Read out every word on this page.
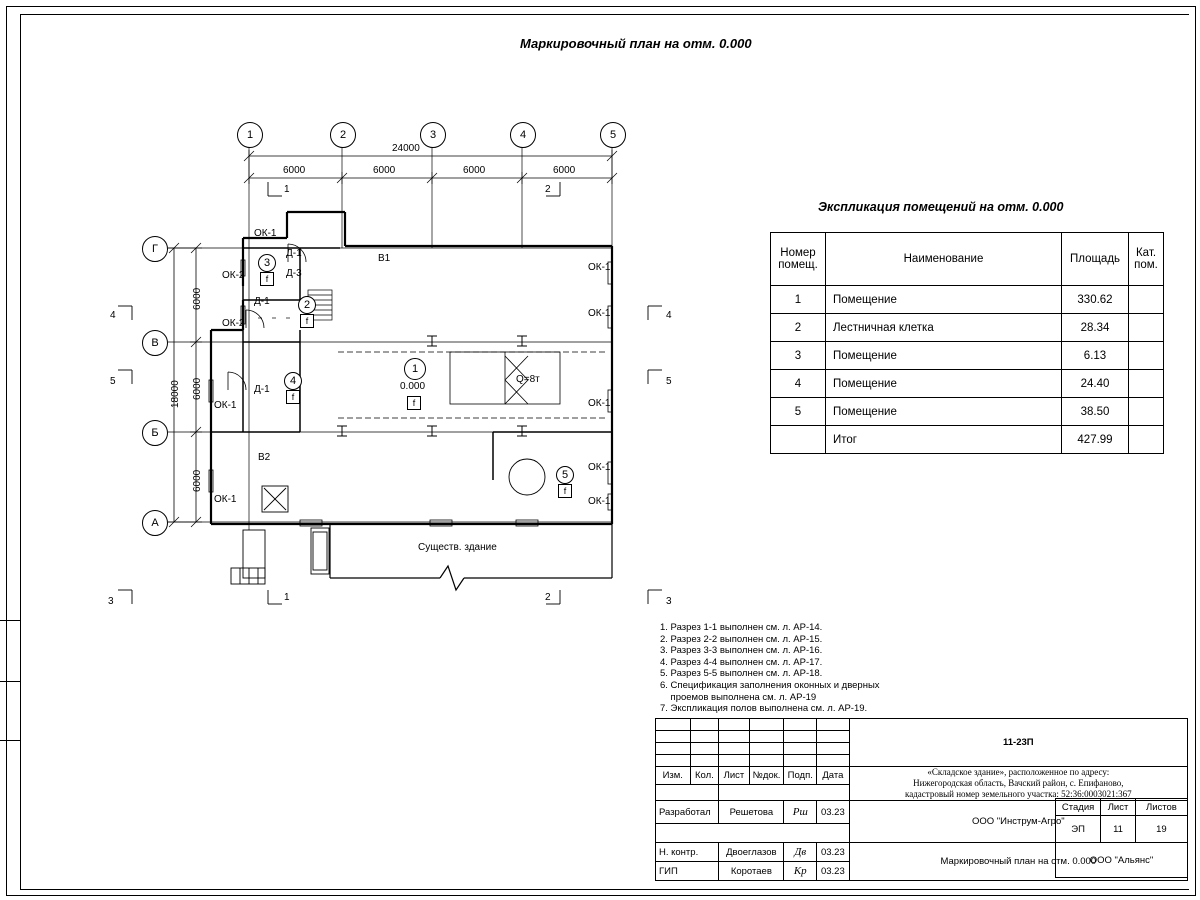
Маркировочный план на отм. 0.000
Экспликация помещений на отм. 0.000
Номер помещ.	Наименование	Площадь	Кат. пом.
1	Помещение	330.62	
2	Лестничная клетка	28.34	
3	Помещение	6.13	
4	Помещение	24.40	
5	Помещение	38.50	
	Итог	427.99	
1	2	3	4	5
Г
В
Б
А
24000
6000	6000	6000	6000
6000
6000
6000
18000
1	2
1	2
4
5
4
5
3	3
ОК-1
ОК-2
ОК-2
ОК-1
ОК-1
ОК-1
ОК-1
ОК-1
ОК-1
ОК-1
Д-1
Д-3
Д-1
Д-1
В1
В2
Q=8т
Существ. здание
1
0.000
f
2
f
3
f
4
f
5
f
1. Разрез 1-1 выполнен см. л. АР-14.
2. Разрез 2-2 выполнен см. л. АР-15.
3. Разрез 3-3 выполнен см. л. АР-16.
4. Разрез 4-4 выполнен см. л. АР-17.
5. Разрез 5-5 выполнен см. л. АР-18.
6. Спецификация заполнения оконных и дверных
проемов выполнена см. л. АР-19
7. Экспликация полов выполнена см. л. АР-19.
						11-23П

Изм.	Кол.	Лист	№док.	Подп.	Дата	«Складское здание», расположенное по адресу:
Нижегородская область, Вачский район, с. Епифаново,
кадастровый номер земельного участка: 52:36:0003021:367

Разработал		Решетова		Рш	03.23	ООО "Инструм-Агро"

Н. контр.		Двоеглазов		Дв	03.23	Маркировочный план на отм. 0.000
ГИП		Коротаев		Кр	03.23	
Стадия	Лист	Листов
ЭП	11	19
ООО "Альянс"		
